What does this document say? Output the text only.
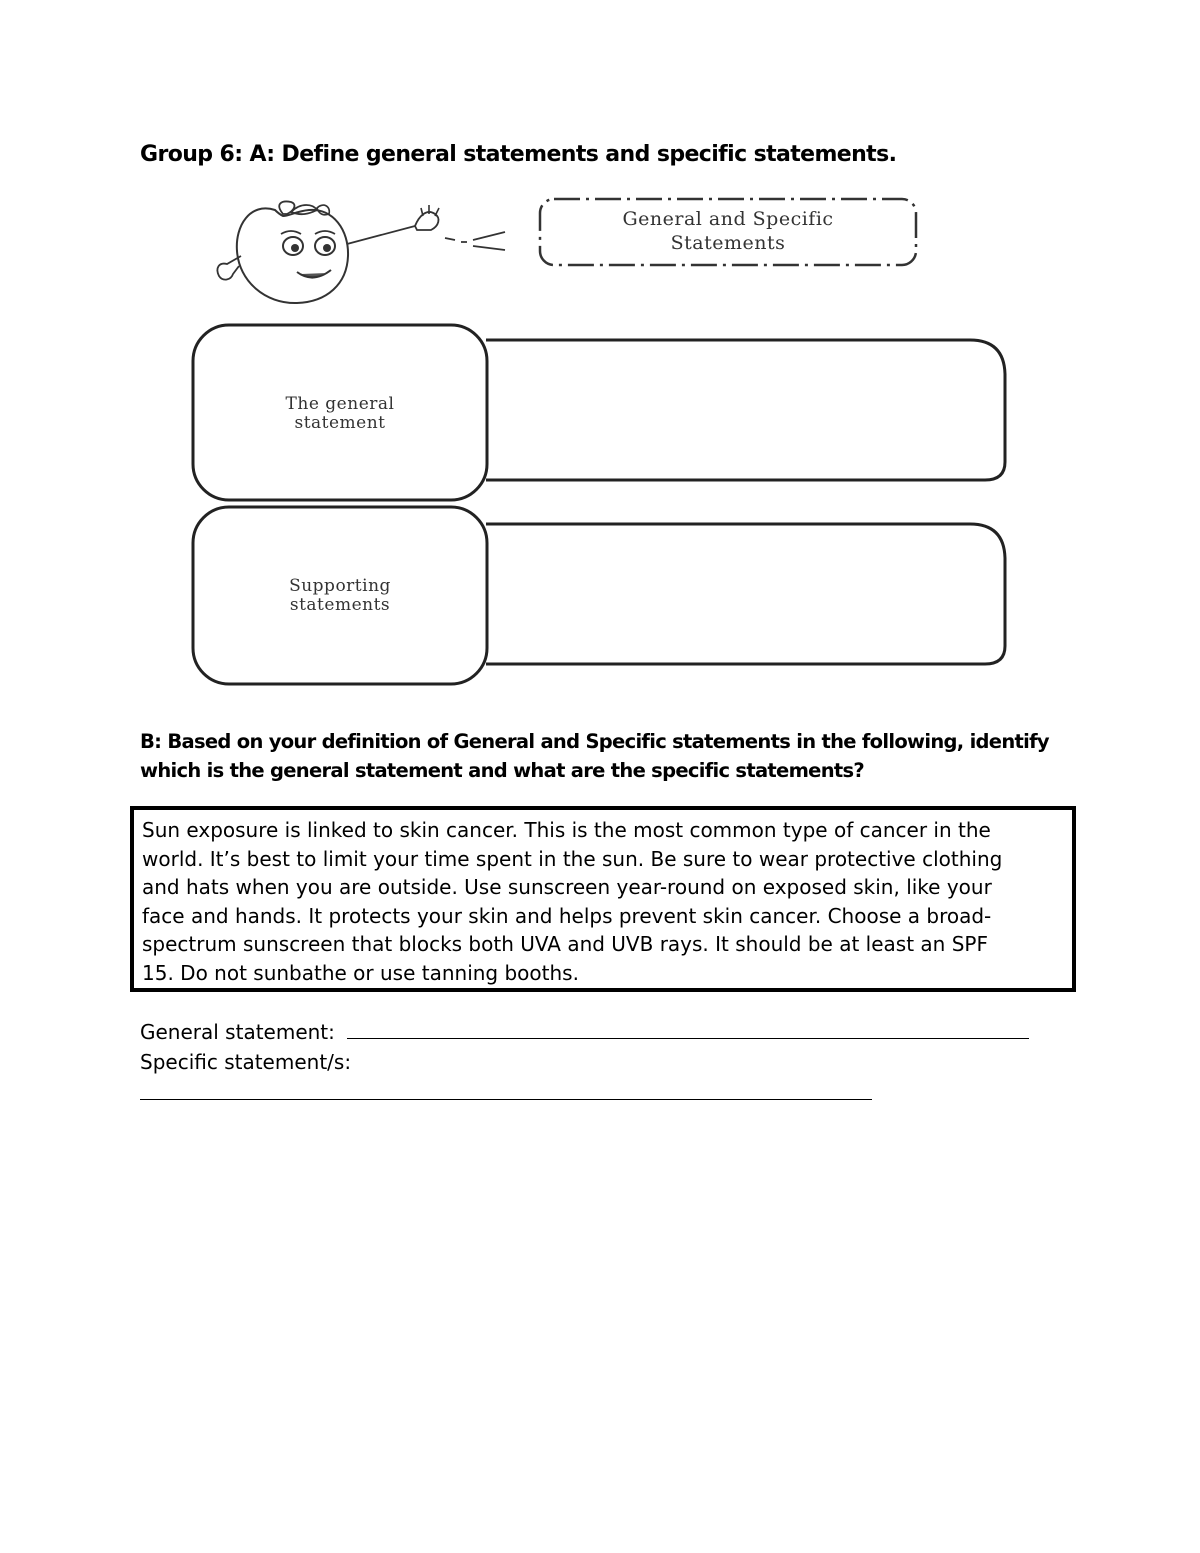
Group 6: A: Define general statements and specific statements.
General and Specific
Statements
The general
statement
Supporting
statements
B: Based on your definition of General and Specific statements in the following, identify
which is the general statement and what are the specific statements?
Sun exposure is linked to skin cancer. This is the most common type of cancer in the
world. It’s best to limit your time spent in the sun. Be sure to wear protective clothing
and hats when you are outside. Use sunscreen year-round on exposed skin, like your
face and hands. It protects your skin and helps prevent skin cancer. Choose a broad-
spectrum sunscreen that blocks both UVA and UVB rays. It should be at least an SPF
15. Do not sunbathe or use tanning booths.
General statement:
Specific statement/s:
